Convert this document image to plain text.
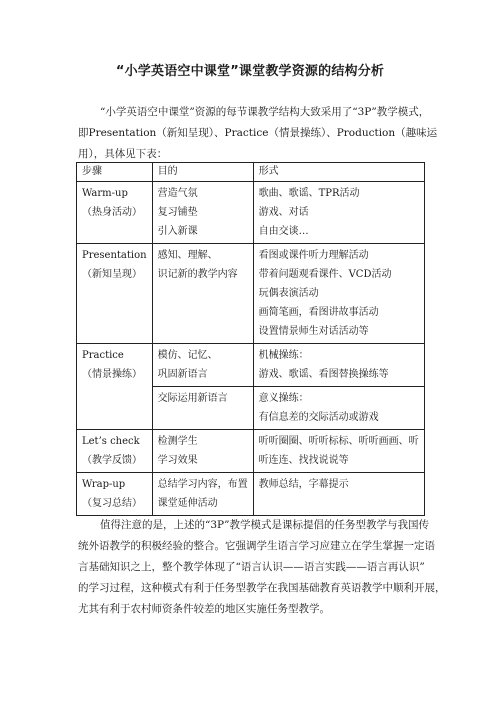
“小学英语空中课堂”课堂教学资源的结构分析
“小学英语空中课堂”资源的每节课教学结构大致采用了“3P”教学模式，
即Presentation（新知呈现）、Practice（情景操练）、Production（趣味运
用），具体见下表：
步骤	目的	形式

Warm-up
（热身活动）	营造气氛
复习铺垫
引入新课	歌曲、歌谣、TPR活动
游戏、对话
自由交谈…

Presentation
（新知呈现）	感知、理解、
识记新的教学内容	看图或课件听力理解活动
带着问题观看课件、VCD活动
玩偶表演活动
画简笔画，看图讲故事活动
设置情景师生对话活动等

Practice
（情景操练）	模仿、记忆、
巩固新语言	机械操练：
游戏、歌谣、看图替换操练等

	交际运用新语言	意义操练：
有信息差的交际活动或游戏

Let’s check
（教学反馈）	检测学生
学习效果	听听圈圈、听听标标、听听画画、听
听连连、找找说说等

Wrap-up
（复习总结）	总结学习内容，布置
课堂延伸活动	教师总结，字幕提示
值得注意的是，上述的“3P”教学模式是课标提倡的任务型教学与我国传
统外语教学的积极经验的整合。它强调学生语言学习应建立在学生掌握一定语
言基础知识之上，整个教学体现了“语言认识——语言实践——语言再认识”
的学习过程，这种模式有利于任务型教学在我国基础教育英语教学中顺利开展，
尤其有利于农村师资条件较差的地区实施任务型教学。
